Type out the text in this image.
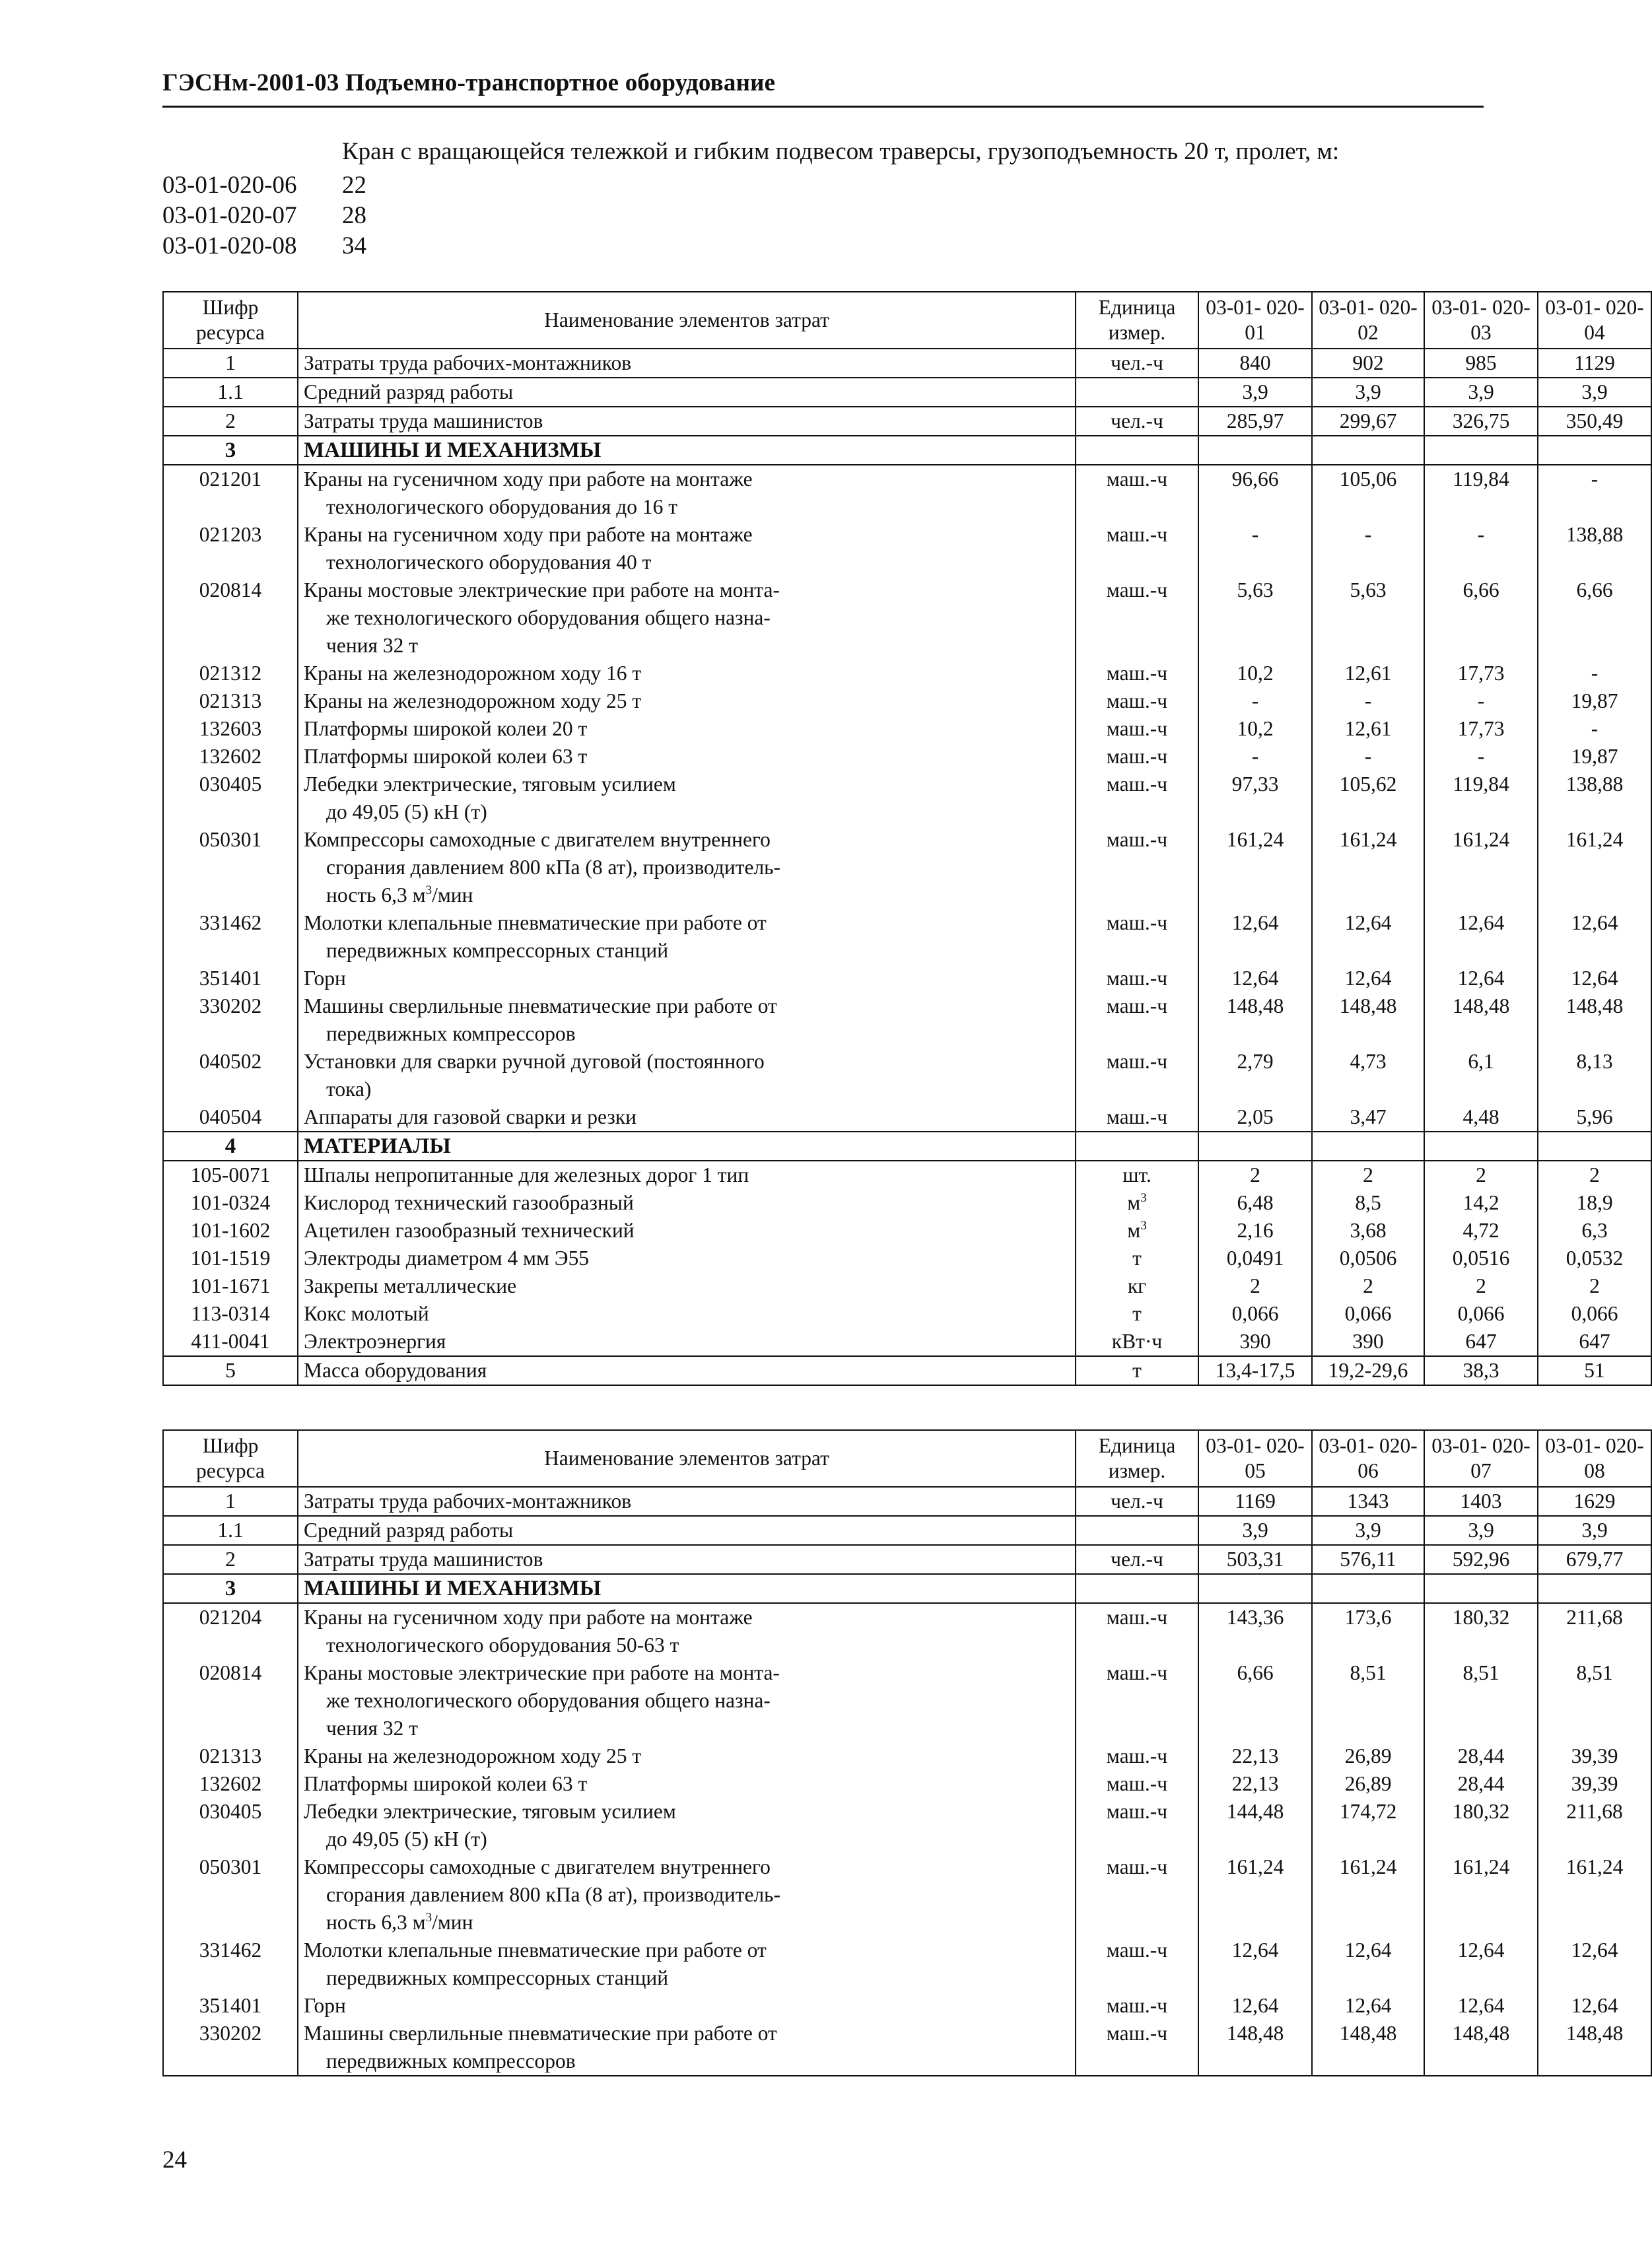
ГЭСНм-2001-03 Подъемно-транспортное оборудование
Кран с вращающейся тележкой и гибким подвесом траверсы, грузоподъемность 20 т, пролет, м:
03-01-020-06 22
03-01-020-07 28
03-01-020-08 34
Шифр ресурса	Наименование элементов затрат	Единица измер.	03-01- 020-01	03-01- 020-02	03-01- 020-03	03-01- 020-04
1	Затраты труда рабочих-монтажников	чел.-ч	840	902	985	1129
1.1	Средний разряд работы		3,9	3,9	3,9	3,9
2	Затраты труда машинистов	чел.-ч	285,97	299,67	326,75	350,49
3	МАШИНЫ И МЕХАНИЗМЫ					

021201	Краны на гусеничном ходу при работе на монтаже
технологического оборудования до 16 т	маш.-ч	96,66	105,06	119,84	-
021203	Краны на гусеничном ходу при работе на монтаже
технологического оборудования 40 т	маш.-ч	-	-	-	138,88
020814	Краны мостовые электрические при работе на монта-
же технологического оборудования общего назна-
чения 32 т	маш.-ч	5,63	5,63	6,66	6,66
021312	Краны на железнодорожном ходу 16 т	маш.-ч	10,2	12,61	17,73	-
021313	Краны на железнодорожном ходу 25 т	маш.-ч	-	-	-	19,87
132603	Платформы широкой колеи 20 т	маш.-ч	10,2	12,61	17,73	-
132602	Платформы широкой колеи 63 т	маш.-ч	-	-	-	19,87
030405	Лебедки электрические, тяговым усилием
до 49,05 (5) кН (т)	маш.-ч	97,33	105,62	119,84	138,88
050301	Компрессоры самоходные с двигателем внутреннего
сгорания давлением 800 кПа (8 ат), производитель-
ность 6,3 $м^3$/мин	маш.-ч	161,24	161,24	161,24	161,24
331462	Молотки клепальные пневматические при работе от
передвижных компрессорных станций	маш.-ч	12,64	12,64	12,64	12,64
351401	Горн	маш.-ч	12,64	12,64	12,64	12,64
330202	Машины сверлильные пневматические при работе от
передвижных компрессоров	маш.-ч	148,48	148,48	148,48	148,48
040502	Установки для сварки ручной дуговой (постоянного
тока)	маш.-ч	2,79	4,73	6,1	8,13
040504	Аппараты для газовой сварки и резки	маш.-ч	2,05	3,47	4,48	5,96
4	МАТЕРИАЛЫ					

105-0071	Шпалы непропитанные для железных дорог 1 тип	шт.	2	2	2	2
101-0324	Кислород технический газообразный	$м^3$	6,48	8,5	14,2	18,9
101-1602	Ацетилен газообразный технический	$м^3$	2,16	3,68	4,72	6,3
101-1519	Электроды диаметром 4 мм Э55	т	0,0491	0,0506	0,0516	0,0532
101-1671	Закрепы металлические	кг	2	2	2	2
113-0314	Кокс молотый	т	0,066	0,066	0,066	0,066
411-0041	Электроэнергия	кВт·ч	390	390	647	647
5	Масса оборудования	т	13,4-17,5	19,2-29,6	38,3	51
Шифр ресурса	Наименование элементов затрат	Единица измер.	03-01- 020-05	03-01- 020-06	03-01- 020-07	03-01- 020-08
1	Затраты труда рабочих-монтажников	чел.-ч	1169	1343	1403	1629
1.1	Средний разряд работы		3,9	3,9	3,9	3,9
2	Затраты труда машинистов	чел.-ч	503,31	576,11	592,96	679,77
3	МАШИНЫ И МЕХАНИЗМЫ					

021204	Краны на гусеничном ходу при работе на монтаже
технологического оборудования 50-63 т	маш.-ч	143,36	173,6	180,32	211,68
020814	Краны мостовые электрические при работе на монта-
же технологического оборудования общего назна-
чения 32 т	маш.-ч	6,66	8,51	8,51	8,51
021313	Краны на железнодорожном ходу 25 т	маш.-ч	22,13	26,89	28,44	39,39
132602	Платформы широкой колеи 63 т	маш.-ч	22,13	26,89	28,44	39,39
030405	Лебедки электрические, тяговым усилием
до 49,05 (5) кН (т)	маш.-ч	144,48	174,72	180,32	211,68
050301	Компрессоры самоходные с двигателем внутреннего
сгорания давлением 800 кПа (8 ат), производитель-
ность 6,3 $м^3$/мин	маш.-ч	161,24	161,24	161,24	161,24
331462	Молотки клепальные пневматические при работе от
передвижных компрессорных станций	маш.-ч	12,64	12,64	12,64	12,64
351401	Горн	маш.-ч	12,64	12,64	12,64	12,64
330202	Машины сверлильные пневматические при работе от
передвижных компрессоров	маш.-ч	148,48	148,48	148,48	148,48
24
